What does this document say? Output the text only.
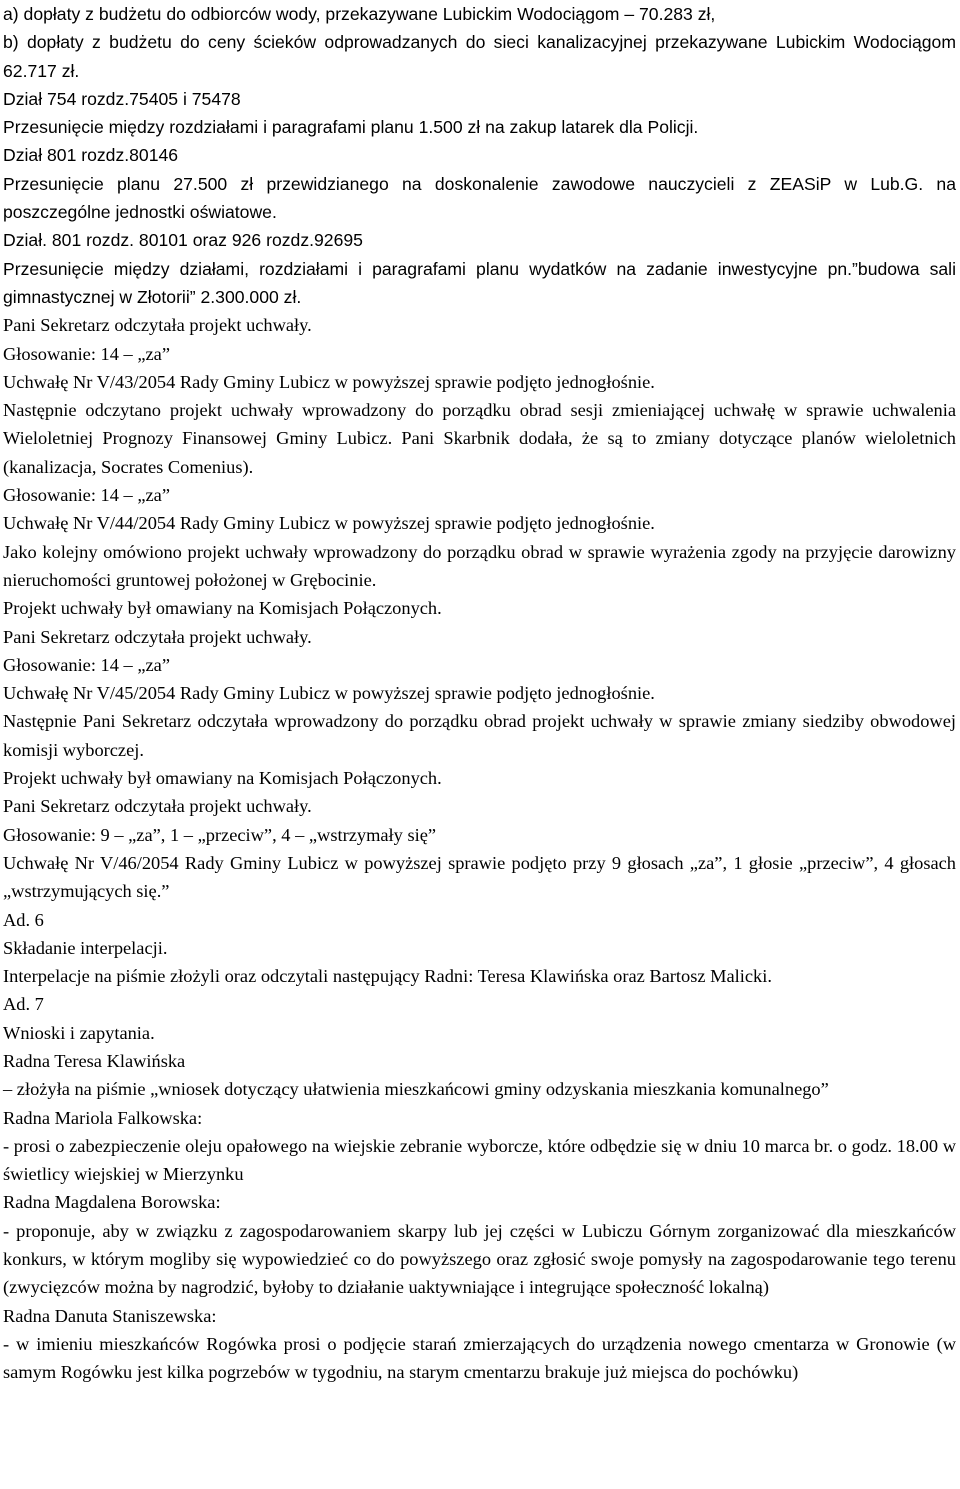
a) dopłaty z budżetu do odbiorców wody, przekazywane Lubickim Wodociągom – 70.283 zł,

b) dopłaty z budżetu do ceny ścieków odprowadzanych do sieci kanalizacyjnej przekazywane Lubickim Wodociągom 62.717 zł.

Dział 754 rozdz.75405 i 75478

Przesunięcie między rozdziałami i paragrafami planu 1.500 zł na zakup latarek dla Policji.

Dział 801 rozdz.80146

Przesunięcie planu 27.500 zł przewidzianego na doskonalenie zawodowe nauczycieli z ZEASiP w Lub.G. na poszczególne jednostki oświatowe.

Dział. 801 rozdz. 80101 oraz 926 rozdz.92695

Przesunięcie między działami, rozdziałami i paragrafami planu wydatków na zadanie inwestycyjne pn.”budowa sali gimnastycznej w Złotorii” 2.300.000 zł.

Pani Sekretarz odczytała projekt uchwały.

Głosowanie: 14 – „za”

Uchwałę Nr V/43/2054 Rady Gminy Lubicz w powyższej sprawie podjęto jednogłośnie.

Następnie odczytano projekt uchwały wprowadzony do porządku obrad sesji zmieniającej uchwałę w sprawie uchwalenia Wieloletniej Prognozy Finansowej Gminy Lubicz. Pani Skarbnik dodała, że są to zmiany dotyczące planów wieloletnich (kanalizacja, Socrates Comenius).

Głosowanie: 14 – „za”

Uchwałę Nr V/44/2054 Rady Gminy Lubicz w powyższej sprawie podjęto jednogłośnie.

Jako kolejny omówiono projekt uchwały wprowadzony do porządku obrad w sprawie wyrażenia zgody na przyjęcie darowizny nieruchomości gruntowej położonej w Grębocinie.

Projekt uchwały był omawiany na Komisjach Połączonych.

Pani Sekretarz odczytała projekt uchwały.

Głosowanie: 14 – „za”

Uchwałę Nr V/45/2054 Rady Gminy Lubicz w powyższej sprawie podjęto jednogłośnie.

Następnie Pani Sekretarz odczytała wprowadzony do porządku obrad projekt uchwały w sprawie zmiany siedziby obwodowej komisji wyborczej.

Projekt uchwały był omawiany na Komisjach Połączonych.

Pani Sekretarz odczytała projekt uchwały.

Głosowanie: 9 – „za”, 1 – „przeciw”, 4 – „wstrzymały się”

Uchwałę Nr V/46/2054 Rady Gminy Lubicz w powyższej sprawie podjęto przy 9 głosach „za”, 1 głosie „przeciw”, 4 głosach „wstrzymujących się.”

Ad. 6

Składanie interpelacji.

Interpelacje na piśmie złożyli oraz odczytali następujący Radni: Teresa Klawińska oraz Bartosz Malicki.

Ad. 7

Wnioski i zapytania.

Radna Teresa Klawińska

– złożyła na piśmie „wniosek dotyczący ułatwienia mieszkańcowi gminy odzyskania mieszkania komunalnego”

Radna Mariola Falkowska:

- prosi o zabezpieczenie oleju opałowego na wiejskie zebranie wyborcze, które odbędzie się w dniu 10 marca br. o godz. 18.00 w świetlicy wiejskiej w Mierzynku

Radna Magdalena Borowska:

- proponuje, aby w związku z zagospodarowaniem skarpy lub jej części w Lubiczu Górnym zorganizować dla mieszkańców konkurs, w którym mogliby się wypowiedzieć co do powyższego oraz zgłosić swoje pomysły na zagospodarowanie tego terenu (zwycięzców można by nagrodzić, byłoby to działanie uaktywniające i integrujące społeczność lokalną)

Radna Danuta Staniszewska:

- w imieniu mieszkańców Rogówka prosi o podjęcie starań zmierzających do urządzenia nowego cmentarza w Gronowie (w samym Rogówku jest kilka pogrzebów w tygodniu, na starym cmentarzu brakuje już miejsca do pochówku)
